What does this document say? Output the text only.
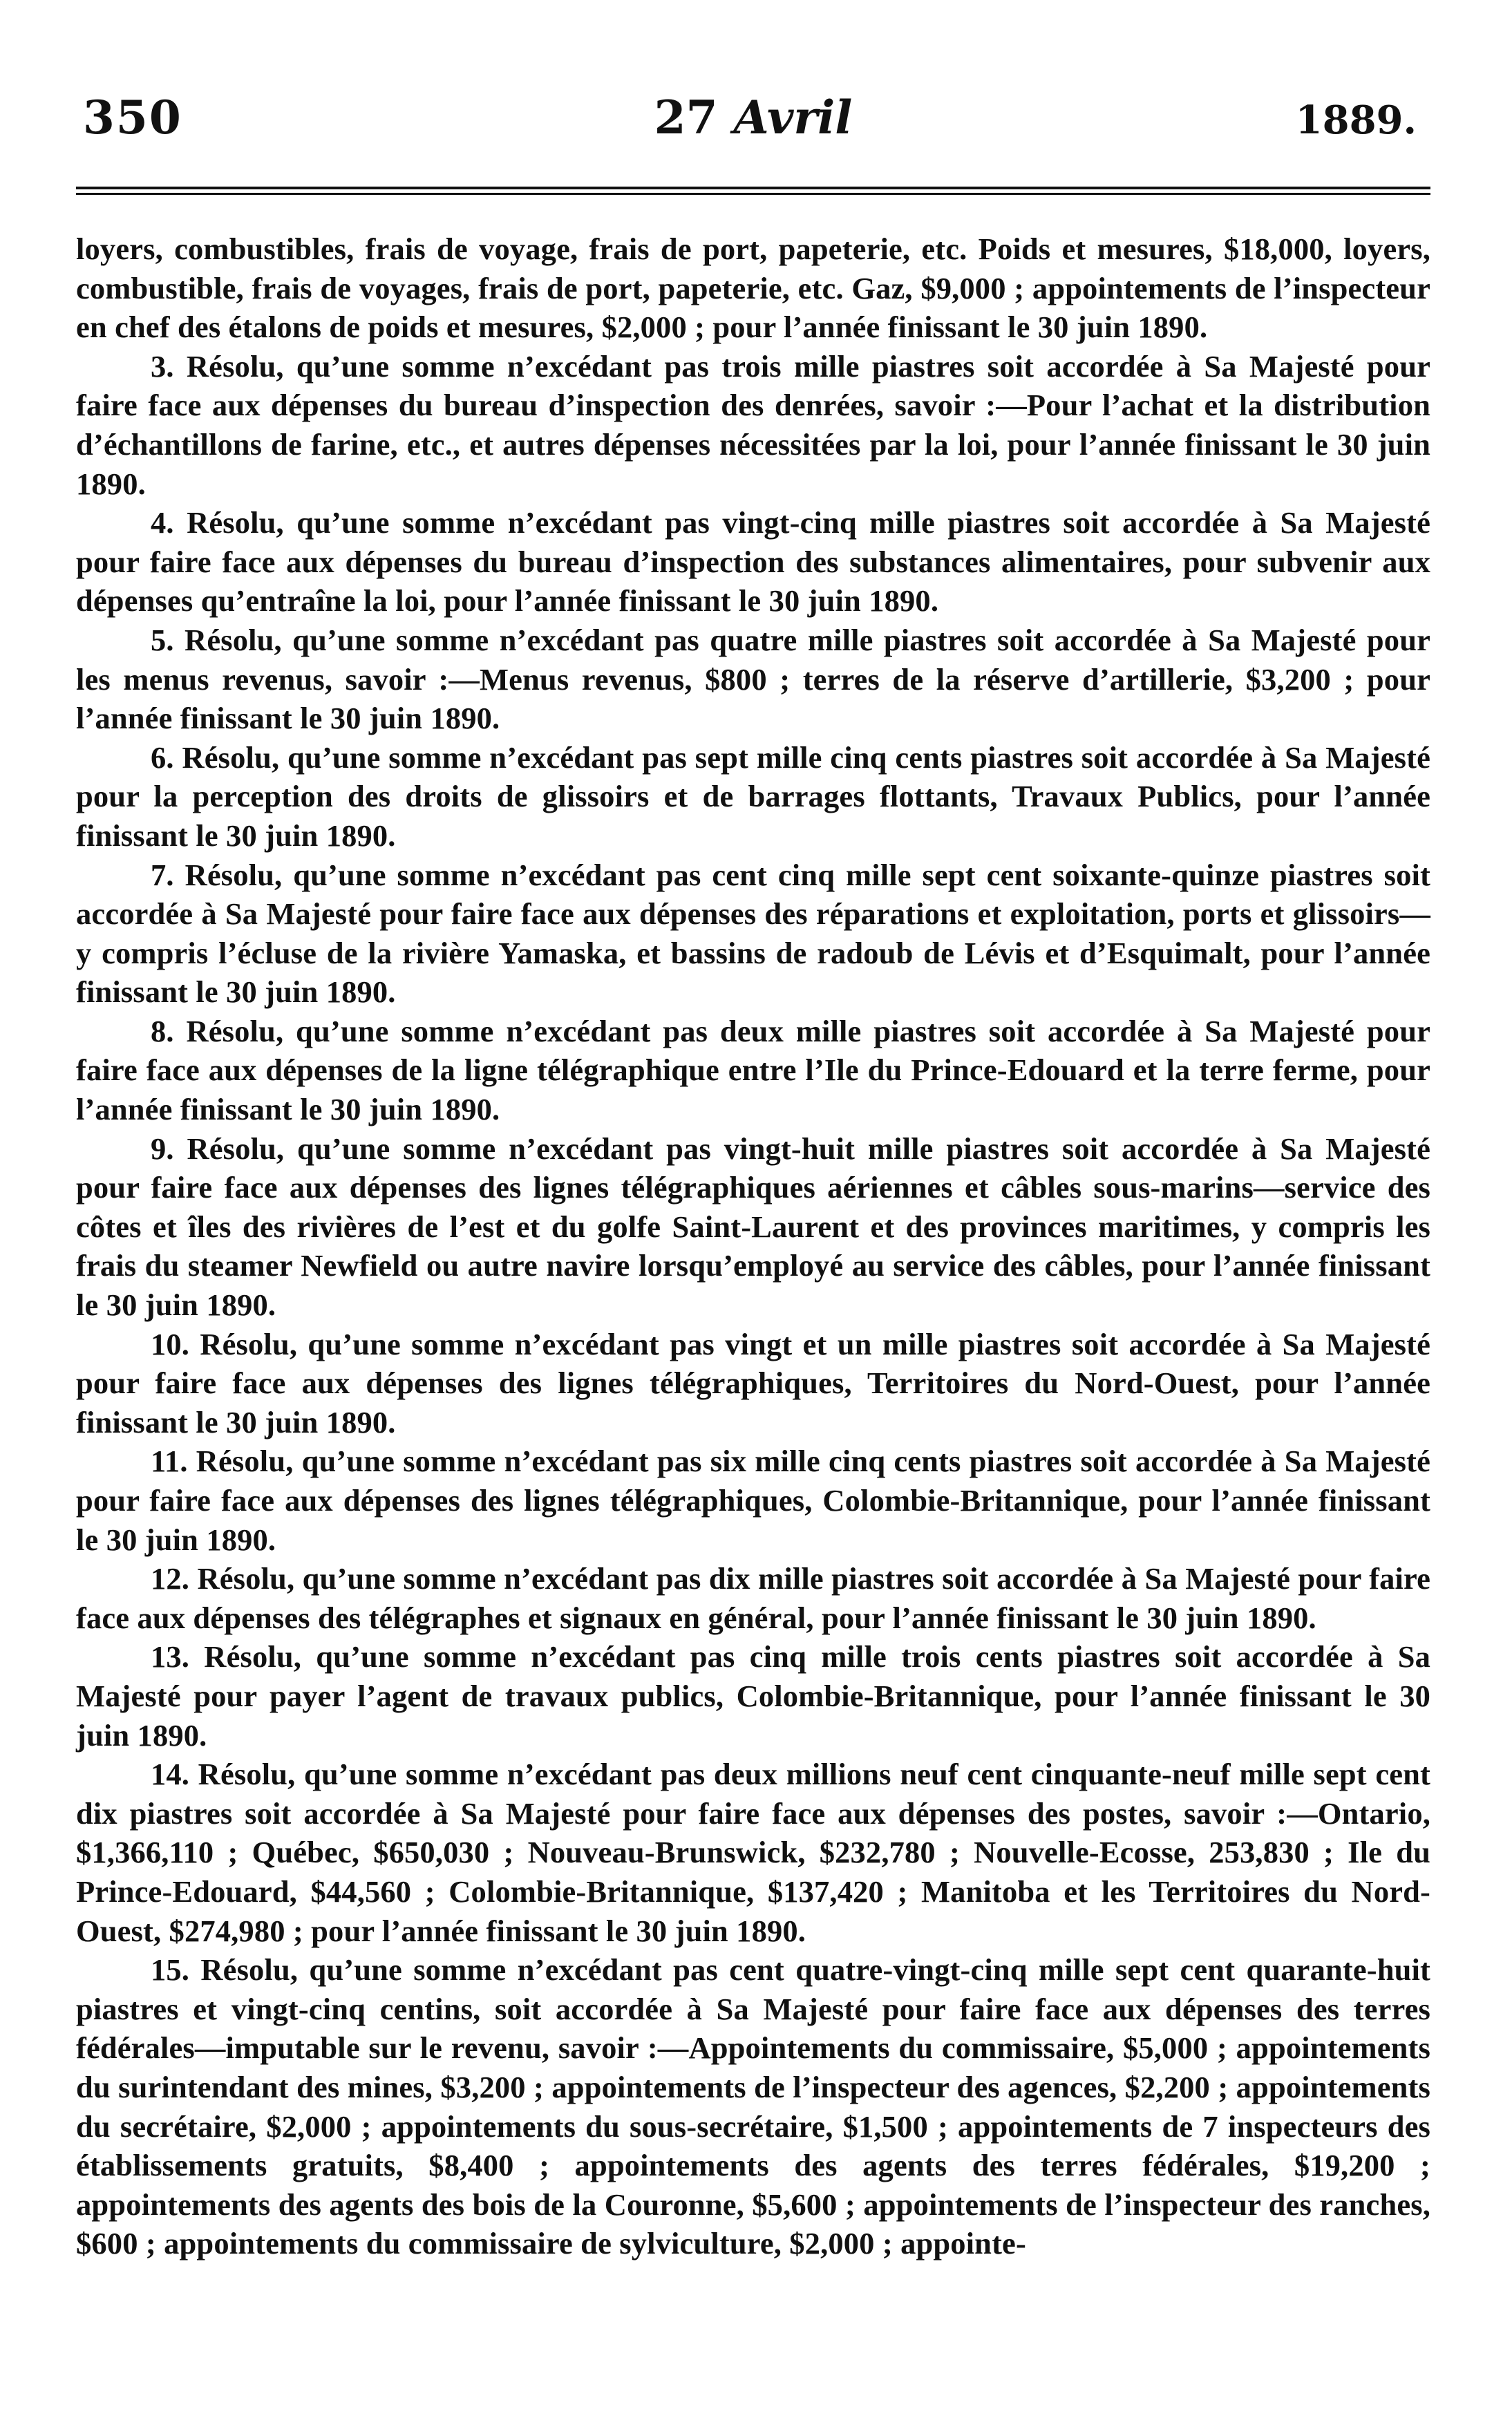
350	27 Avril	1889.

loyers, combustibles, frais de voyage, frais de port, papeterie, etc. Poids et mesures, $18,000, loyers, combustible, frais de voyages, frais de port, papeterie, etc. Gaz, $9,000 ; appointements de l’inspecteur en chef des étalons de poids et mesures, $2,000 ; pour l’année finissant le 30 juin 1890.

3. Résolu, qu’une somme n’excédant pas trois mille piastres soit accordée à Sa Majesté pour faire face aux dépenses du bureau d’inspection des denrées, savoir :—Pour l’achat et la distribution d’échantillons de farine, etc., et autres dépenses nécessitées par la loi, pour l’année finissant le 30 juin 1890.

4. Résolu, qu’une somme n’excédant pas vingt-cinq mille piastres soit accordée à Sa Majesté pour faire face aux dépenses du bureau d’inspection des substances alimentaires, pour subvenir aux dépenses qu’entraîne la loi, pour l’année finissant le 30 juin 1890.

5. Résolu, qu’une somme n’excédant pas quatre mille piastres soit accordée à Sa Majesté pour les menus revenus, savoir :—Menus revenus, $800 ; terres de la réserve d’artillerie, $3,200 ; pour l’année finissant le 30 juin 1890.

6. Résolu, qu’une somme n’excédant pas sept mille cinq cents piastres soit accordée à Sa Majesté pour la perception des droits de glissoirs et de barrages flottants, Travaux Publics, pour l’année finissant le 30 juin 1890.

7. Résolu, qu’une somme n’excédant pas cent cinq mille sept cent soixante-quinze piastres soit accordée à Sa Majesté pour faire face aux dépenses des réparations et exploitation, ports et glissoirs—y compris l’écluse de la rivière Yamaska, et bassins de radoub de Lévis et d’Esquimalt, pour l’année finissant le 30 juin 1890.

8. Résolu, qu’une somme n’excédant pas deux mille piastres soit accordée à Sa Majesté pour faire face aux dépenses de la ligne télégraphique entre l’Ile du Prince-Edouard et la terre ferme, pour l’année finissant le 30 juin 1890.

9. Résolu, qu’une somme n’excédant pas vingt-huit mille piastres soit accordée à Sa Majesté pour faire face aux dépenses des lignes télégraphiques aériennes et câbles sous-marins—service des côtes et îles des rivières de l’est et du golfe Saint-Laurent et des provinces maritimes, y compris les frais du steamer Newfield ou autre navire lorsqu’employé au service des câbles, pour l’année finissant le 30 juin 1890.

10. Résolu, qu’une somme n’excédant pas vingt et un mille piastres soit accordée à Sa Majesté pour faire face aux dépenses des lignes télégraphiques, Territoires du Nord-Ouest, pour l’année finissant le 30 juin 1890.

11. Résolu, qu’une somme n’excédant pas six mille cinq cents piastres soit accordée à Sa Majesté pour faire face aux dépenses des lignes télégraphiques, Colombie-Britannique, pour l’année finissant le 30 juin 1890.

12. Résolu, qu’une somme n’excédant pas dix mille piastres soit accordée à Sa Majesté pour faire face aux dépenses des télégraphes et signaux en général, pour l’année finissant le 30 juin 1890.

13. Résolu, qu’une somme n’excédant pas cinq mille trois cents piastres soit accordée à Sa Majesté pour payer l’agent de travaux publics, Colombie-Britannique, pour l’année finissant le 30 juin 1890.

14. Résolu, qu’une somme n’excédant pas deux millions neuf cent cinquante-neuf mille sept cent dix piastres soit accordée à Sa Majesté pour faire face aux dépenses des postes, savoir :—Ontario, $1,366,110 ; Québec, $650,030 ; Nouveau-Brunswick, $232,780 ; Nouvelle-Ecosse, 253,830 ; Ile du Prince-Edouard, $44,560 ; Colombie-Britannique, $137,420 ; Manitoba et les Territoires du Nord-Ouest, $274,980 ; pour l’année finissant le 30 juin 1890.

15. Résolu, qu’une somme n’excédant pas cent quatre-vingt-cinq mille sept cent quarante-huit piastres et vingt-cinq centins, soit accordée à Sa Majesté pour faire face aux dépenses des terres fédérales—imputable sur le revenu, savoir :—Appointements du commissaire, $5,000 ; appointements du surintendant des mines, $3,200 ; appointements de l’inspecteur des agences, $2,200 ; appointements du secrétaire, $2,000 ; appointements du sous-secrétaire, $1,500 ; appointements de 7 inspecteurs des établissements gratuits, $8,400 ; appointements des agents des terres fédérales, $19,200 ; appointements des agents des bois de la Couronne, $5,600 ; appointements de l’inspecteur des ranches, $600 ; appointements du commissaire de sylviculture, $2,000 ; appointe-
